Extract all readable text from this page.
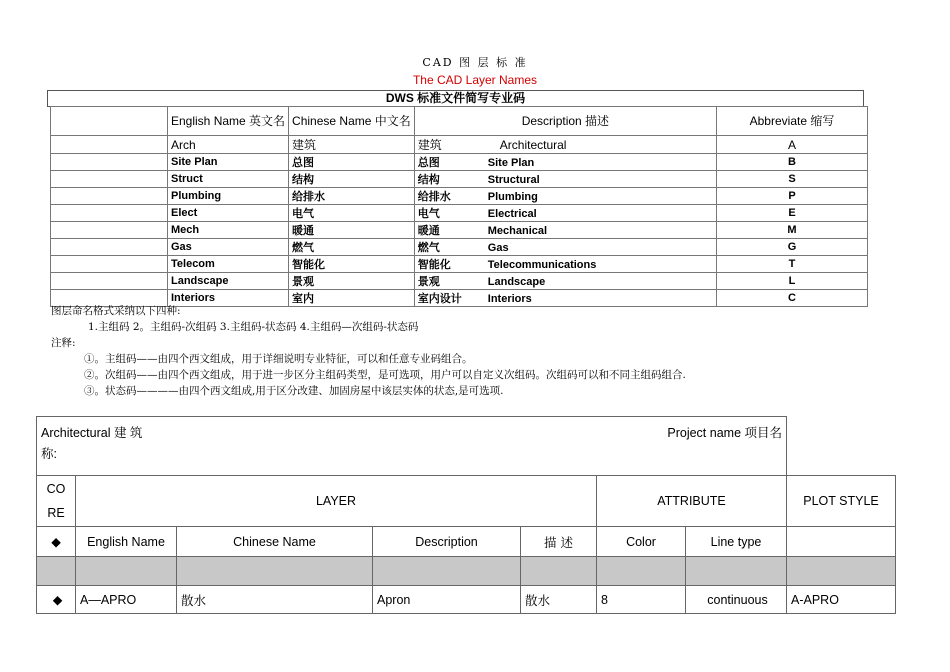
CAD 图 层 标 准
The CAD Layer Names
DWS 标准文件简写专业码
	English Name 英文名	Chinese Name 中文名	Description 描述	Abbreviate 缩写
	Arch	建筑	建筑 Architectural	A
	Site Plan	总图	总图 Site Plan	B
	Struct	结构	结构 Structural	S
	Plumbing	给排水	给排水 Plumbing	P
	Elect	电气	电气 Electrical	E
	Mech	暖通	暖通 Mechanical	M
	Gas	燃气	燃气 Gas	G
	Telecom	智能化	智能化 Telecommunications	T
	Landscape	景观	景观 Landscape	L
	Interiors	室内	室内设计 Interiors	C
图层命名格式采纳以下四种:
1.主组码 2。主组码-次组码 3.主组码-状态码 4.主组码—次组码-状态码
注释:
①。主组码——由四个西文组成，用于详细说明专业特征，可以和任意专业码组合。
②。次组码——由四个西文组成，用于进一步区分主组码类型，是可选项，用户可以自定义次组码。次组码可以和不同主组码组合.
③。状态码————由四个西文组成,用于区分改建、加固房屋中该层实体的状态,是可选项.
Architectural 建 筑 Project name 项目名

称:							
CO
RE	LAYER				ATTRIBUTE		PLOT STYLE
◆	English Name	Chinese Name	Description	描 述	Color	Line type	

◆	A—APRO	散水	Apron	散水	8	continuous	A-APRO
